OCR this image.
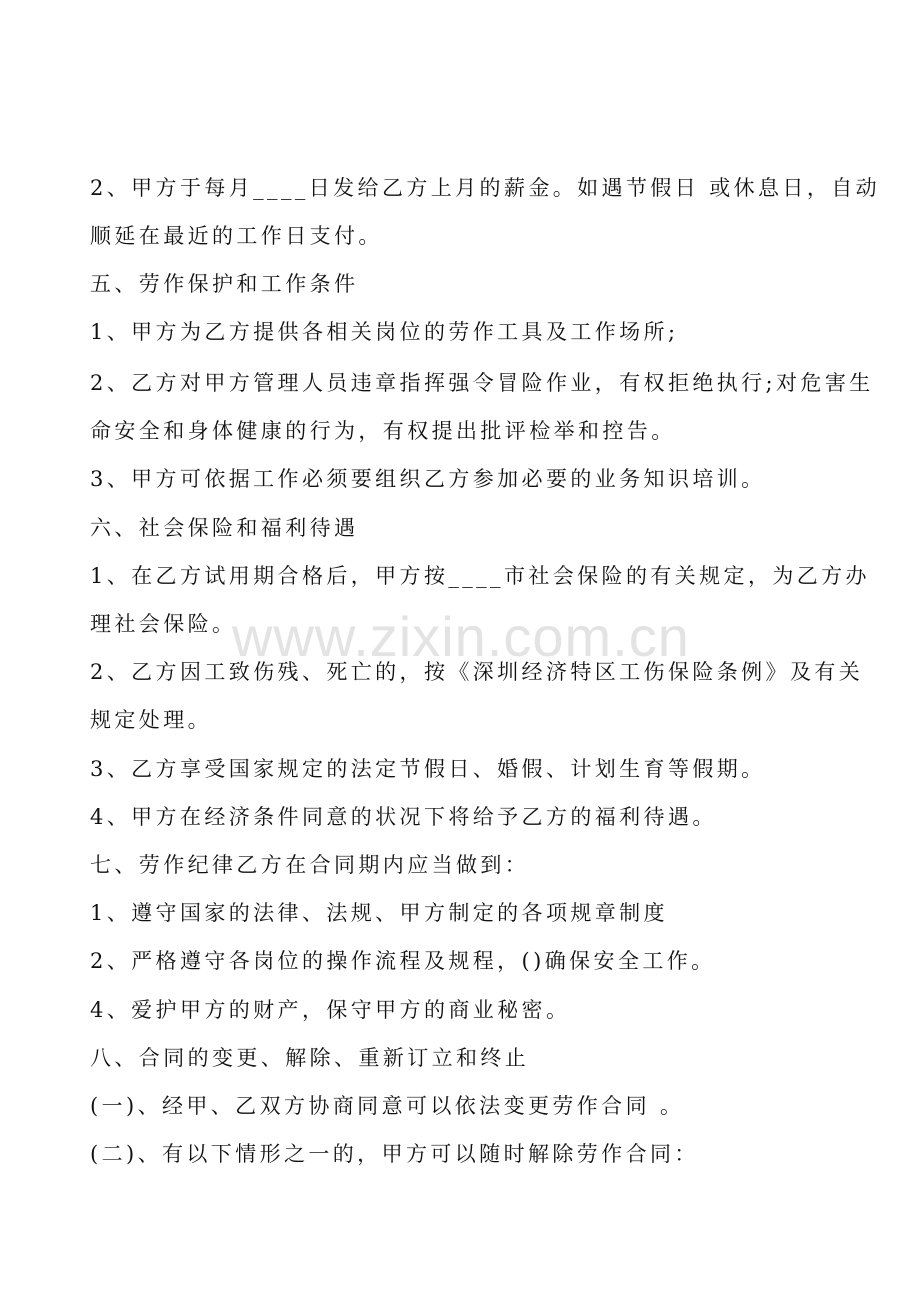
www.zixin.com.cn
2、甲方于每月____日发给乙方上月的薪金。如遇节假日 或休息日，自动
顺延在最近的工作日支付。
五、劳作保护和工作条件
1、甲方为乙方提供各相关岗位的劳作工具及工作场所;
2、乙方对甲方管理人员违章指挥强令冒险作业，有权拒绝执行;对危害生
命安全和身体健康的行为，有权提出批评检举和控告。
3、甲方可依据工作必须要组织乙方参加必要的业务知识培训。
六、社会保险和福利待遇
1、在乙方试用期合格后，甲方按____市社会保险的有关规定，为乙方办
理社会保险。
2、乙方因工致伤残、死亡的，按《深圳经济特区工伤保险条例》及有关
规定处理。
3、乙方享受国家规定的法定节假日、婚假、计划生育等假期。
4、甲方在经济条件同意的状况下将给予乙方的福利待遇。
七、劳作纪律乙方在合同期内应当做到：
1、遵守国家的法律、法规、甲方制定的各项规章制度
2、严格遵守各岗位的操作流程及规程，()确保安全工作。
4、爱护甲方的财产，保守甲方的商业秘密。
八、合同的变更、解除、重新订立和终止
(一)、经甲、乙双方协商同意可以依法变更劳作合同 。
(二)、有以下情形之一的，甲方可以随时解除劳作合同：
